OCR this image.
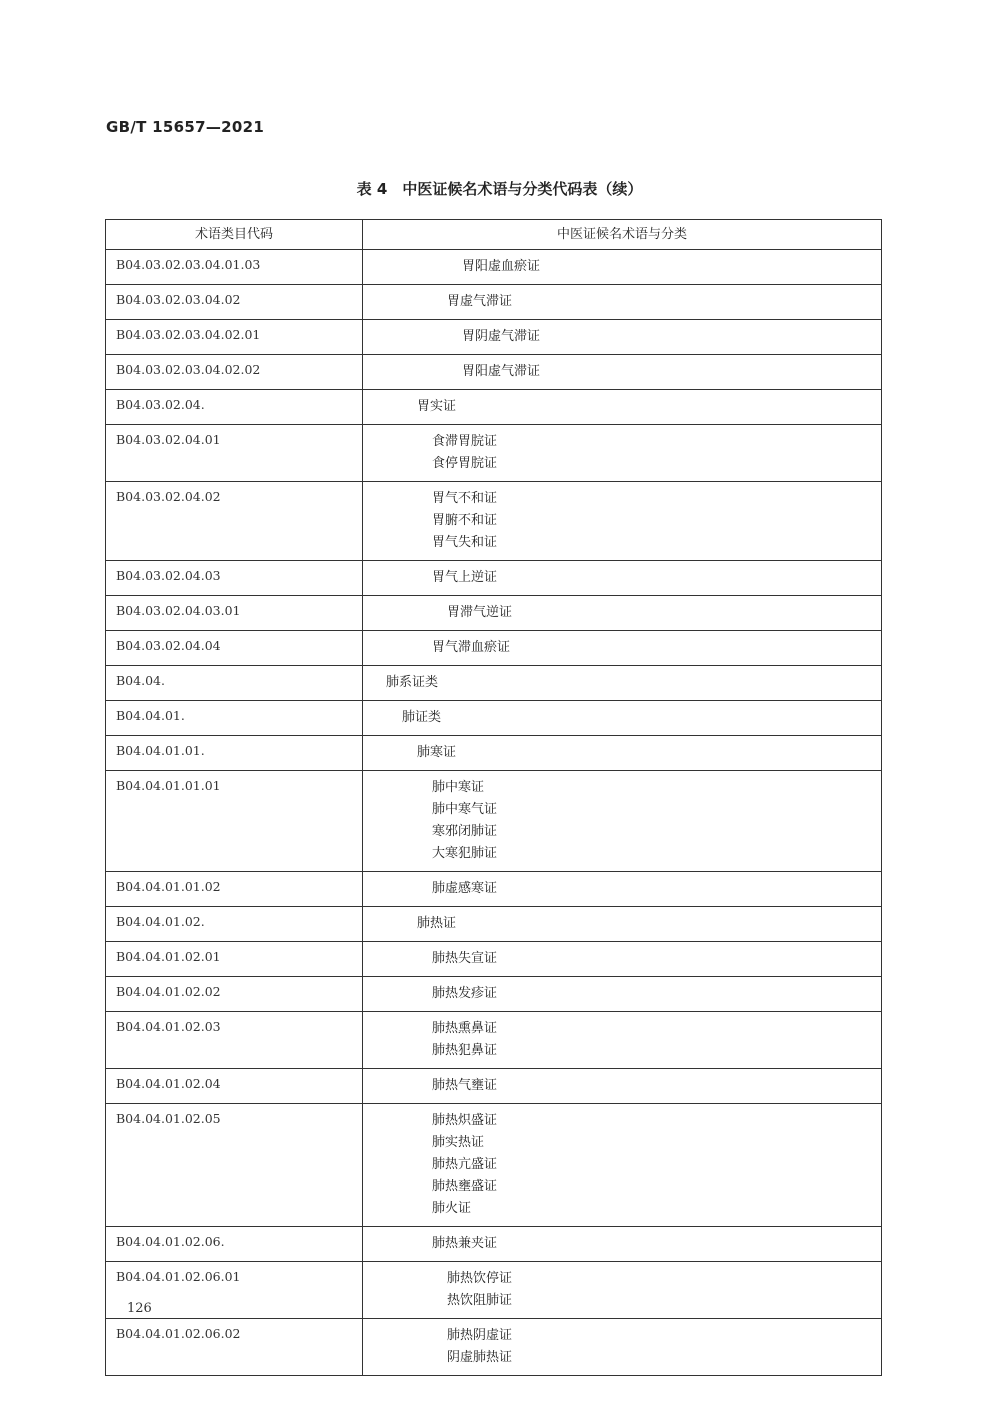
GB/T 15657—2021
表 4　中医证候名术语与分类代码表（续）
术语类目代码	中医证候名术语与分类
B04.03.02.03.04.01.03	胃阳虚血瘀证

B04.03.02.03.04.02	胃虚气滞证

B04.03.02.03.04.02.01	胃阴虚气滞证

B04.03.02.03.04.02.02	胃阳虚气滞证

B04.03.02.04.	胃实证

B04.03.02.04.01	食滞胃脘证
食停胃脘证

B04.03.02.04.02	胃气不和证
胃腑不和证
胃气失和证

B04.03.02.04.03	胃气上逆证

B04.03.02.04.03.01	胃滞气逆证

B04.03.02.04.04	胃气滞血瘀证

B04.04.	肺系证类

B04.04.01.	肺证类

B04.04.01.01.	肺寒证

B04.04.01.01.01	肺中寒证
肺中寒气证
寒邪闭肺证
大寒犯肺证

B04.04.01.01.02	肺虚感寒证

B04.04.01.02.	肺热证

B04.04.01.02.01	肺热失宣证

B04.04.01.02.02	肺热发疹证

B04.04.01.02.03	肺热熏鼻证
肺热犯鼻证

B04.04.01.02.04	肺热气壅证

B04.04.01.02.05	肺热炽盛证
肺实热证
肺热亢盛证
肺热壅盛证
肺火证

B04.04.01.02.06.	肺热兼夹证

B04.04.01.02.06.01	肺热饮停证
热饮阻肺证

B04.04.01.02.06.02	肺热阴虚证
阴虚肺热证
126
